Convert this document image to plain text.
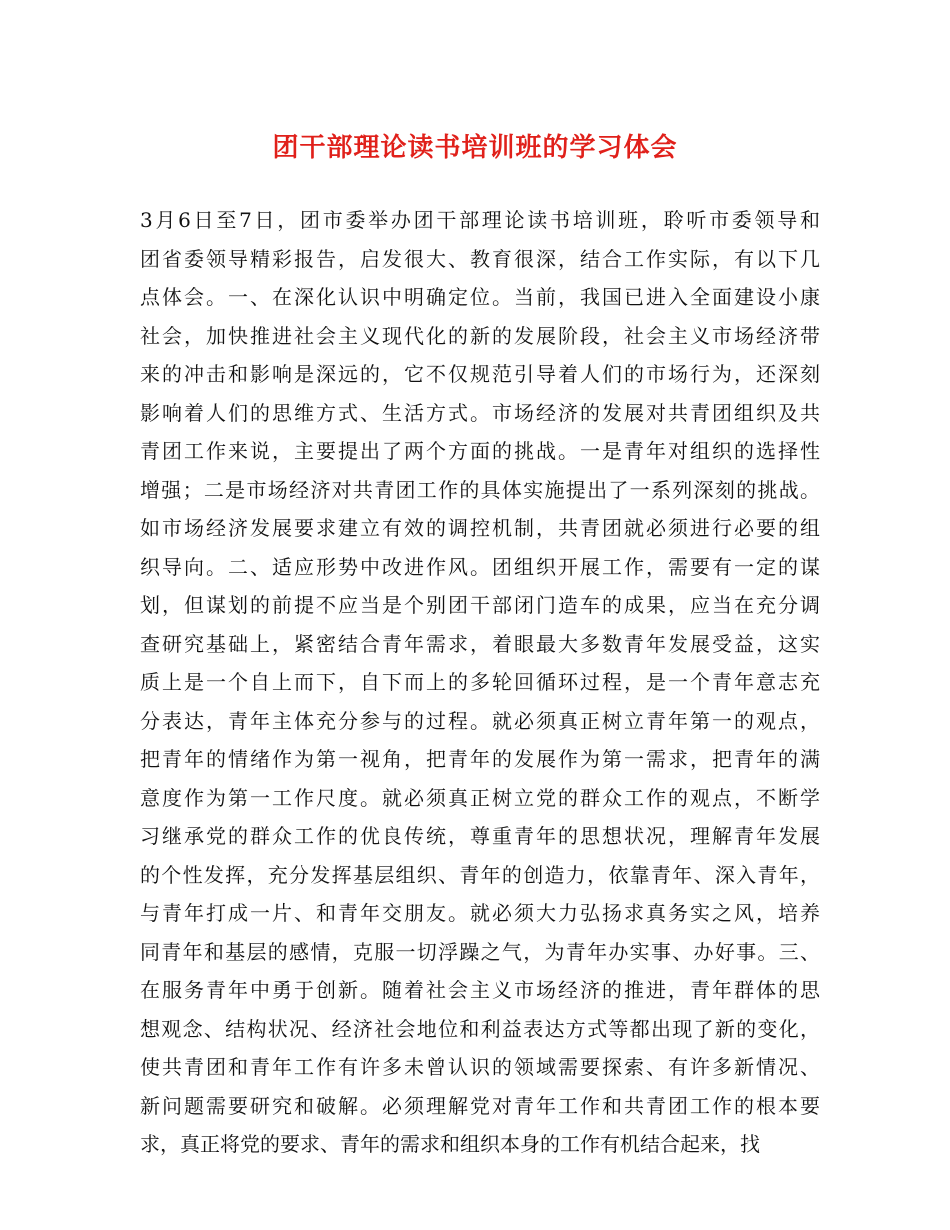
团干部理论读书培训班的学习体会
3月6日至7日，团市委举办团干部理论读书培训班，聆听市委领导和
团省委领导精彩报告，启发很大、教育很深，结合工作实际，有以下几
点体会。一、在深化认识中明确定位。当前，我国已进入全面建设小康
社会，加快推进社会主义现代化的新的发展阶段，社会主义市场经济带
来的冲击和影响是深远的，它不仅规范引导着人们的市场行为，还深刻
影响着人们的思维方式、生活方式。市场经济的发展对共青团组织及共
青团工作来说，主要提出了两个方面的挑战。一是青年对组织的选择性
增强；二是市场经济对共青团工作的具体实施提出了一系列深刻的挑战。
如市场经济发展要求建立有效的调控机制，共青团就必须进行必要的组
织导向。二、适应形势中改进作风。团组织开展工作，需要有一定的谋
划，但谋划的前提不应当是个别团干部闭门造车的成果，应当在充分调
查研究基础上，紧密结合青年需求，着眼最大多数青年发展受益，这实
质上是一个自上而下，自下而上的多轮回循环过程，是一个青年意志充
分表达，青年主体充分参与的过程。就必须真正树立青年第一的观点，
把青年的情绪作为第一视角，把青年的发展作为第一需求，把青年的满
意度作为第一工作尺度。就必须真正树立党的群众工作的观点，不断学
习继承党的群众工作的优良传统，尊重青年的思想状况，理解青年发展
的个性发挥，充分发挥基层组织、青年的创造力，依靠青年、深入青年，
与青年打成一片、和青年交朋友。就必须大力弘扬求真务实之风，培养
同青年和基层的感情，克服一切浮躁之气，为青年办实事、办好事。三、
在服务青年中勇于创新。随着社会主义市场经济的推进，青年群体的思
想观念、结构状况、经济社会地位和利益表达方式等都出现了新的变化，
使共青团和青年工作有许多未曾认识的领域需要探索、有许多新情况、
新问题需要研究和破解。必须理解党对青年工作和共青团工作的根本要
求，真正将党的要求、青年的需求和组织本身的工作有机结合起来，找
